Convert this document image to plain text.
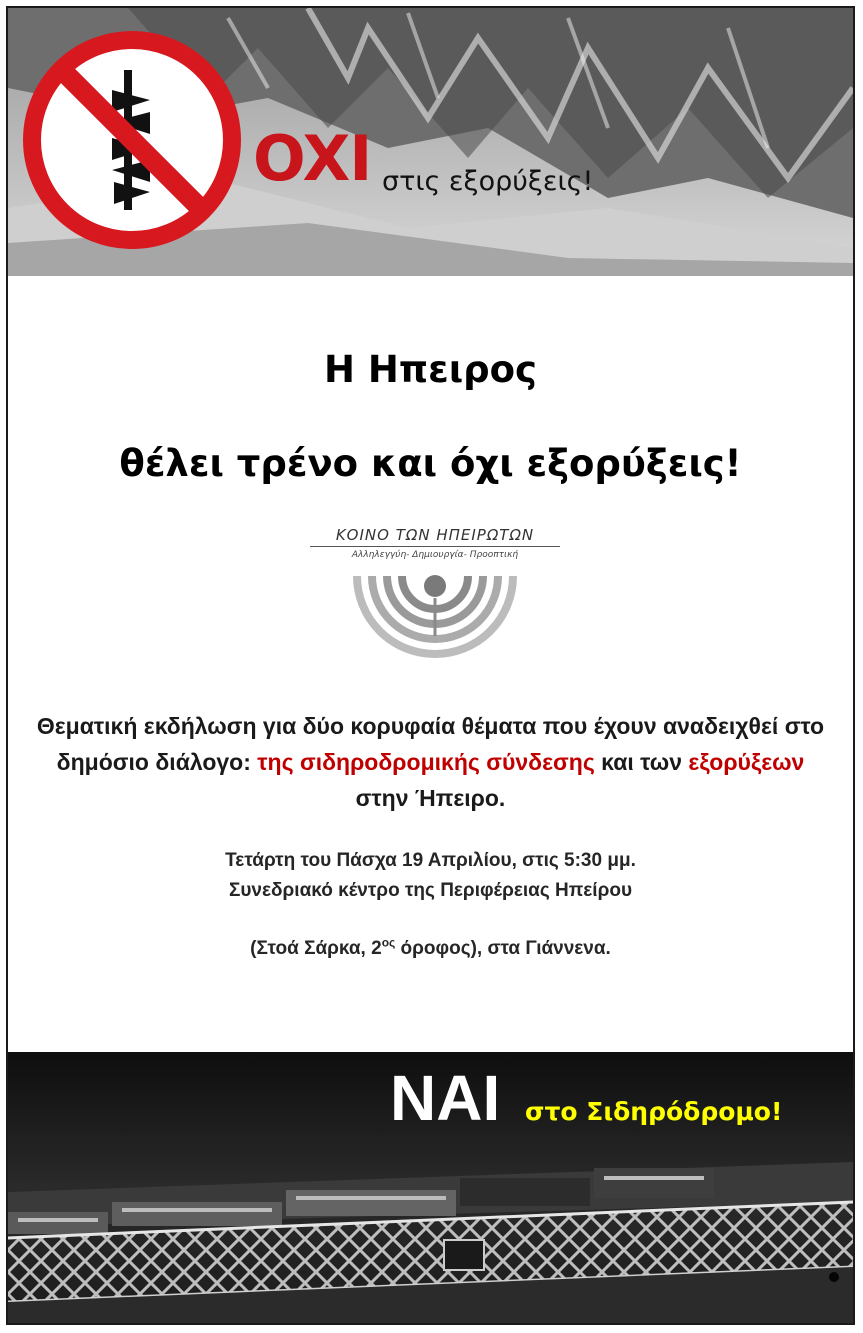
OXI στις εξορύξεις!
Η Ηπειρος
θέλει τρένο και όχι εξορύξεις!
ΚΟΙΝΟ ΤΩΝ ΗΠΕΙΡΩΤΩΝ
Αλληλεγγύη- Δημιουργία- Προοπτική
Θεματική εκδήλωση για δύο κορυφαία θέματα που έχουν αναδειχθεί στο δημόσιο διάλογο: της σιδηροδρομικής σύνδεσης και των εξορύξεων στην Ήπειρο.
Τετάρτη του Πάσχα 19 Απριλίου, στις 5:30 μμ.
Συνεδριακό κέντρο της Περιφέρειας Ηπείρου
(Στοά Σάρκα, $2^{o\varsigma}$ όροφος), στα Γιάννενα.
NAI στο Σιδηρόδρομο!
